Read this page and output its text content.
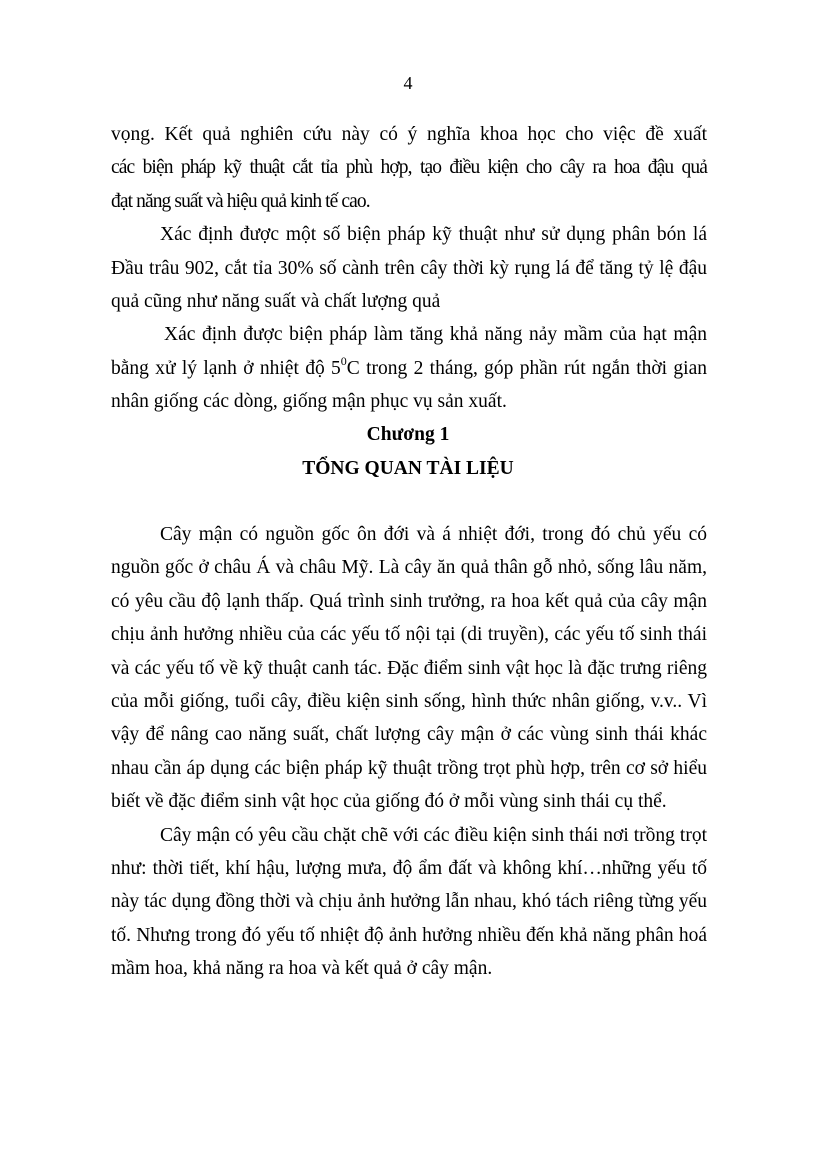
4

vọng. Kết quả nghiên cứu này có ý nghĩa khoa học cho việc đề xuất

các biện pháp kỹ thuật cắt tỉa phù hợp, tạo điều kiện cho cây ra hoa đậu quả

đạt năng suất và hiệu quả kinh tế cao.

Xác định được một số biện pháp kỹ thuật như sử dụng phân bón lá Đầu trâu 902, cắt tỉa 30% số cành trên cây thời kỳ rụng lá để tăng tỷ lệ đậu quả cũng như năng suất và chất lượng quả

Xác định được biện pháp làm tăng khả năng nảy mầm của hạt mận bằng xử lý lạnh ở nhiệt độ $5^0C$ trong 2 tháng, góp phần rút ngắn thời gian nhân giống các dòng, giống mận phục vụ sản xuất.

Chương 1
TỔNG QUAN TÀI LIỆU

Cây mận có nguồn gốc ôn đới và á nhiệt đới, trong đó chủ yếu có nguồn gốc ở châu Á và châu Mỹ. Là cây ăn quả thân gỗ nhỏ, sống lâu năm, có yêu cầu độ lạnh thấp. Quá trình sinh trưởng, ra hoa kết quả của cây mận chịu ảnh hưởng nhiều của các yếu tố nội tại (di truyền), các yếu tố sinh thái và các yếu tố về kỹ thuật canh tác. Đặc điểm sinh vật học là đặc trưng riêng của mỗi giống, tuổi cây, điều kiện sinh sống, hình thức nhân giống, v.v.. Vì vậy để nâng cao năng suất, chất lượng cây mận ở các vùng sinh thái khác nhau cần áp dụng các biện pháp kỹ thuật trồng trọt phù hợp, trên cơ sở hiểu biết về đặc điểm sinh vật học của giống đó ở mỗi vùng sinh thái cụ thể.

Cây mận có yêu cầu chặt chẽ với các điều kiện sinh thái nơi trồng trọt như: thời tiết, khí hậu, lượng mưa, độ ẩm đất và không khí…những yếu tố này tác dụng đồng thời và chịu ảnh hưởng lẫn nhau, khó tách riêng từng yếu tố. Nhưng trong đó yếu tố nhiệt độ ảnh hưởng nhiều đến khả năng phân hoá mầm hoa, khả năng ra hoa và kết quả ở cây mận.
